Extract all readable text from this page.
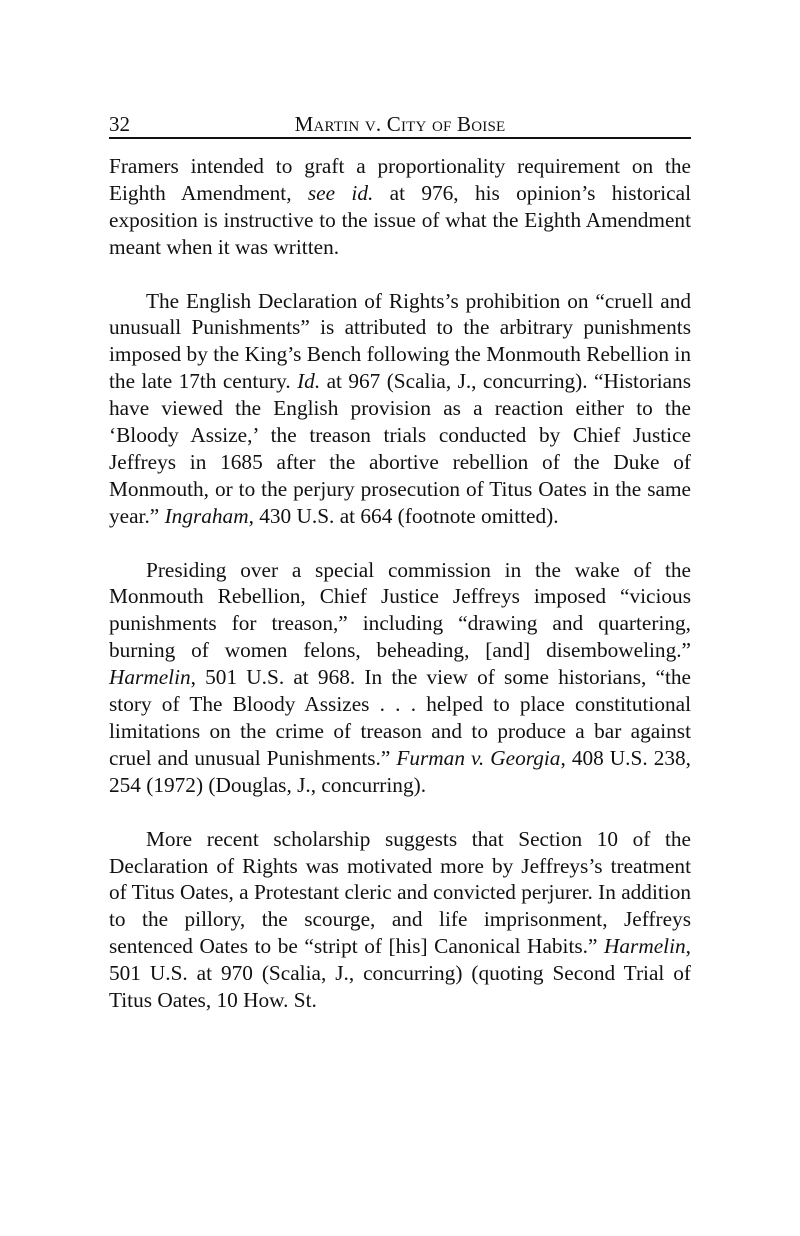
32	Martin v. City of Boise

Framers intended to graft a proportionality requirement on the Eighth Amendment, see id. at 976, his opinion’s historical exposition is instructive to the issue of what the Eighth Amendment meant when it was written.

The English Declaration of Rights’s prohibition on “cruell and unusuall Punishments” is attributed to the arbitrary punishments imposed by the King’s Bench following the Monmouth Rebellion in the late 17th century. Id. at 967 (Scalia, J., concurring). “Historians have viewed the English provision as a reaction either to the ‘Bloody Assize,’ the treason trials conducted by Chief Justice Jeffreys in 1685 after the abortive rebellion of the Duke of Monmouth, or to the perjury prosecution of Titus Oates in the same year.” Ingraham, 430 U.S. at 664 (footnote omitted).

Presiding over a special commission in the wake of the Monmouth Rebellion, Chief Justice Jeffreys imposed “vicious punishments for treason,” including “drawing and quartering, burning of women felons, beheading, [and] disemboweling.” Harmelin, 501 U.S. at 968. In the view of some historians, “the story of The Bloody Assizes . . . helped to place constitutional limitations on the crime of treason and to produce a bar against cruel and unusual Punishments.” Furman v. Georgia, 408 U.S. 238, 254 (1972) (Douglas, J., concurring).

More recent scholarship suggests that Section 10 of the Declaration of Rights was motivated more by Jeffreys’s treatment of Titus Oates, a Protestant cleric and convicted perjurer. In addition to the pillory, the scourge, and life imprisonment, Jeffreys sentenced Oates to be “stript of [his] Canonical Habits.” Harmelin, 501 U.S. at 970 (Scalia, J., concurring) (quoting Second Trial of Titus Oates, 10 How. St.
